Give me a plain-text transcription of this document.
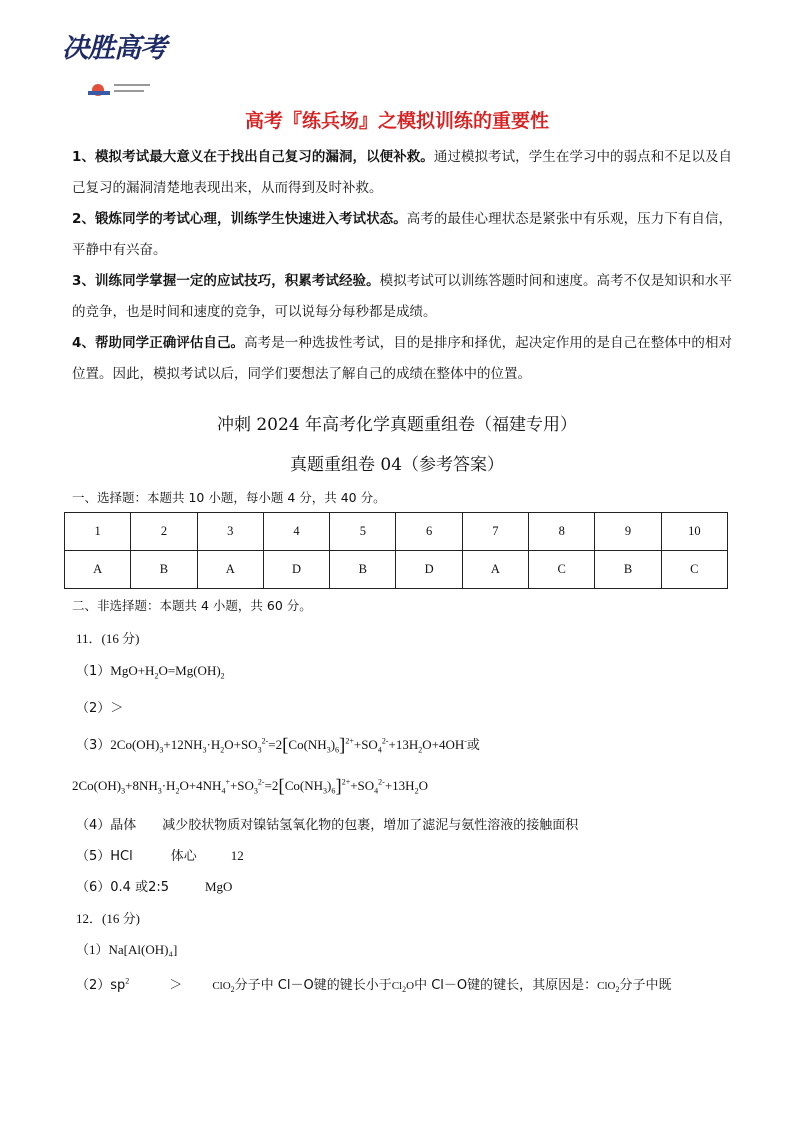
决胜高考
高考『练兵场』之模拟训练的重要性
1、模拟考试最大意义在于找出自己复习的漏洞，以便补救。通过模拟考试，学生在学习中的弱点和不足以及自己复习的漏洞清楚地表现出来，从而得到及时补救。
2、锻炼同学的考试心理，训练学生快速进入考试状态。高考的最佳心理状态是紧张中有乐观，压力下有自信，平静中有兴奋。
3、训练同学掌握一定的应试技巧，积累考试经验。模拟考试可以训练答题时间和速度。高考不仅是知识和水平的竞争，也是时间和速度的竞争，可以说每分每秒都是成绩。
4、帮助同学正确评估自己。高考是一种选拔性考试，目的是排序和择优，起决定作用的是自己在整体中的相对位置。因此，模拟考试以后，同学们要想法了解自己的成绩在整体中的位置。
冲刺 2024 年高考化学真题重组卷（福建专用）
真题重组卷 04（参考答案）
一、选择题：本题共 10 小题，每小题 4 分，共 40 分。
1	2	3	4	5	6	7	8	9	10
A	B	A	D	B	D	A	C	B	C
二、非选择题：本题共 4 小题，共 60 分。
11．(16 分)
$(1)MgO+H_2O=Mg(OH)_2$
（2）＞
$(3)2Co(OH)_3+12NH_3\cdot H_2O+SO_3^{2-}=2[Co(NH_3)_6]^{2+}+SO_4^{2-}+13H_2O+4OH^-$或
$2Co(OH)_3+8NH_3\cdot H_2O+4NH_4^++SO_3^{2-}=2[Co(NH_3)_6]^{2+}+SO_4^{2-}+13H_2O$
（4）晶体 减少胶状物质对镍钴氢氧化物的包裹，增加了滤泥与氨性溶液的接触面积
（5）HCl	体心	12
（6）0.4 或2:5	MgO
12．(16 分)
（1）Na[Al(OH)₄]
$(2)sp^2$	＞	ClO$_2$分子中 Cl－O键的键长小于$Cl_2O$中 Cl－O键的键长，其原因是：ClO$_2$分子中既
